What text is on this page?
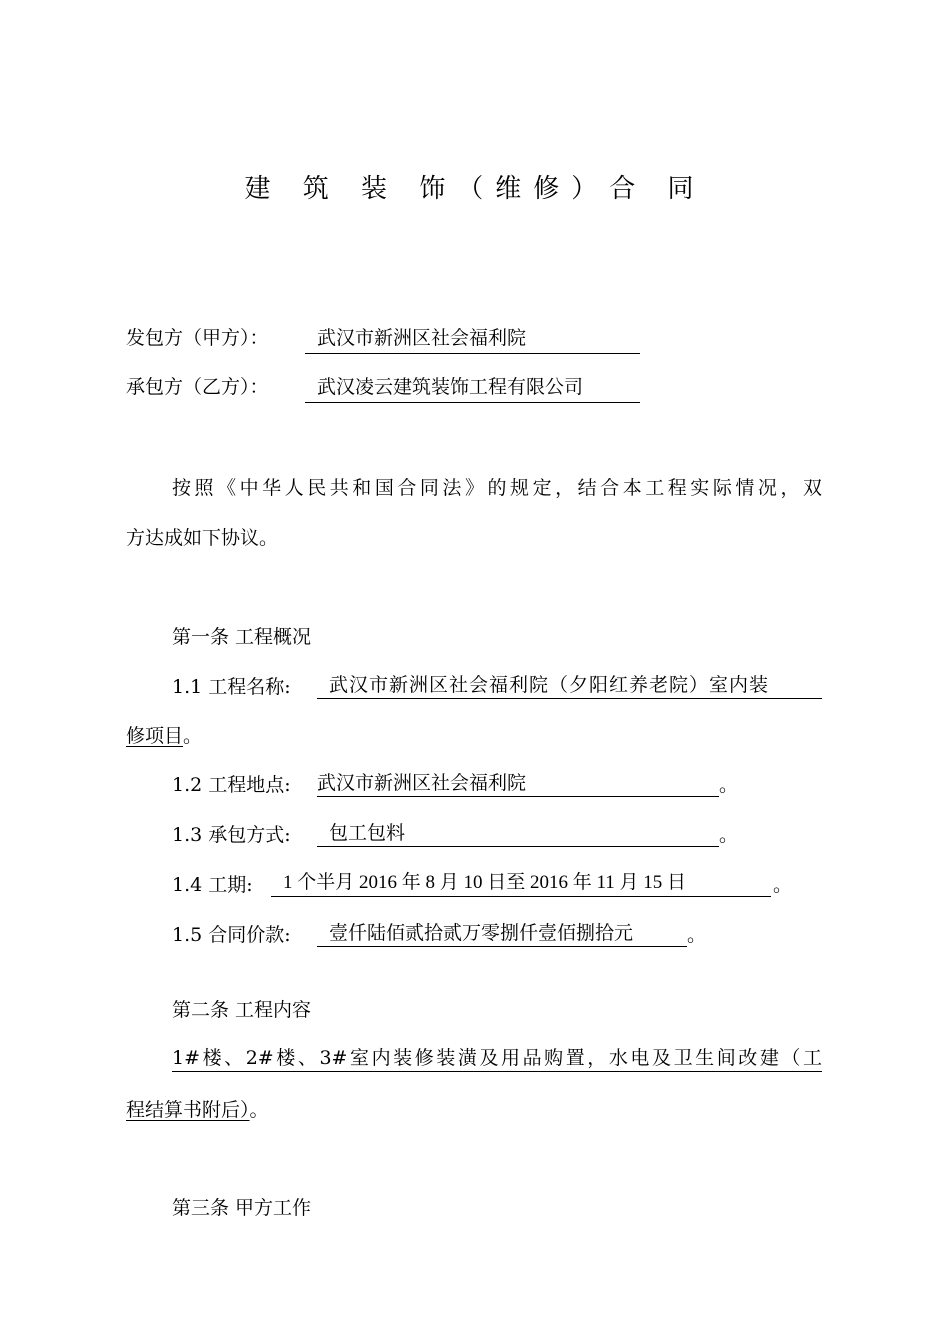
建 筑 装 饰（维修）合 同
发包方（甲方）：	武汉市新洲区社会福利院
承包方（乙方）：	武汉凌云建筑装饰工程有限公司
按照《中华人民共和国合同法》的规定，结合本工程实际情况，双
方达成如下协议。
第一条 工程概况
1.1 工程名称:	武汉市新洲区社会福利院（夕阳红养老院）室内装
修项目。
1.2 工程地点: 武汉市新洲区社会福利院	。
1.3 承包方式:	包工包料	。
1.4 工期:	1 个半月 2016 年 8 月 10 日至 2016 年 11 月 15 日	。
1.5 合同价款:	壹仟陆佰贰拾贰万零捌仟壹佰捌拾元	。
第二条 工程内容
1#楼、2#楼、3#室内装修装潢及用品购置，水电及卫生间改建（工
程结算书附后）。
第三条 甲方工作
